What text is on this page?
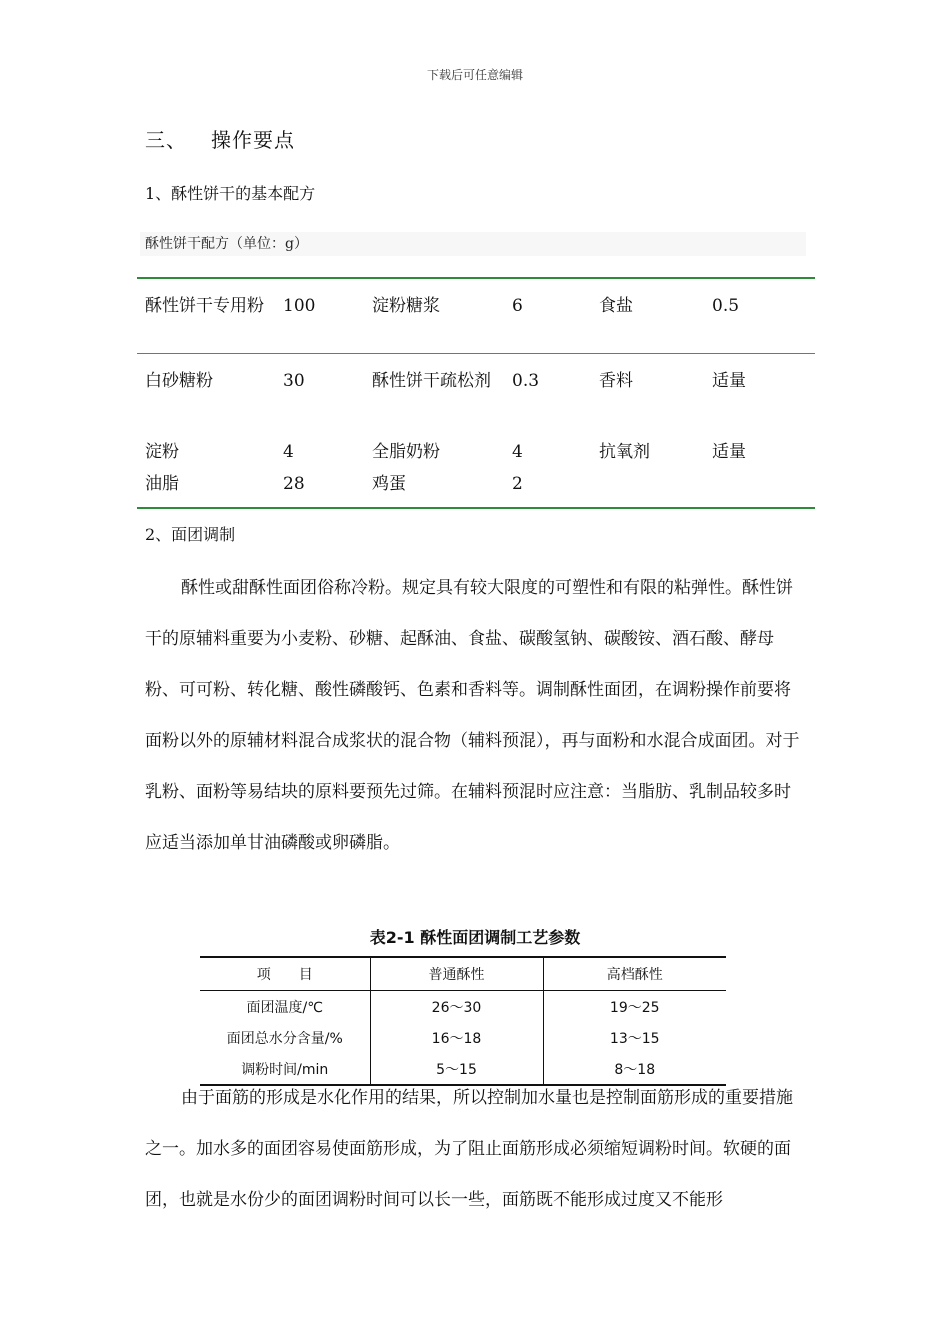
下载后可任意编辑
三、 操作要点
1、酥性饼干的基本配方
酥性饼干配方（单位：g）
酥性饼干专用粉	100	淀粉糖浆	6	食盐	0.5
白砂糖粉	30	酥性饼干疏松剂	0.3	香料	适量
淀粉	4	全脂奶粉	4	抗氧剂	适量
油脂	28	鸡蛋	2		
2、面团调制
酥性或甜酥性面团俗称冷粉。规定具有较大限度的可塑性和有限的粘弹性。酥性饼干的原辅料重要为小麦粉、砂糖、起酥油、食盐、碳酸氢钠、碳酸铵、酒石酸、酵母粉、可可粉、转化糖、酸性磷酸钙、色素和香料等。调制酥性面团，在调粉操作前要将面粉以外的原辅材料混合成浆状的混合物（辅料预混），再与面粉和水混合成面团。对于乳粉、面粉等易结块的原料要预先过筛。在辅料预混时应注意：当脂肪、乳制品较多时应适当添加单甘油磷酸或卵磷脂。
表2-1 酥性面团调制工艺参数
项　　目	普通酥性	高档酥性
面团温度/℃	26～30	19～25
面团总水分含量/%	16～18	13～15
调粉时间/min	5～15	8～18
由于面筋的形成是水化作用的结果，所以控制加水量也是控制面筋形成的重要措施之一。加水多的面团容易使面筋形成，为了阻止面筋形成必须缩短调粉时间。软硬的面团，也就是水份少的面团调粉时间可以长一些，面筋既不能形成过度又不能形
